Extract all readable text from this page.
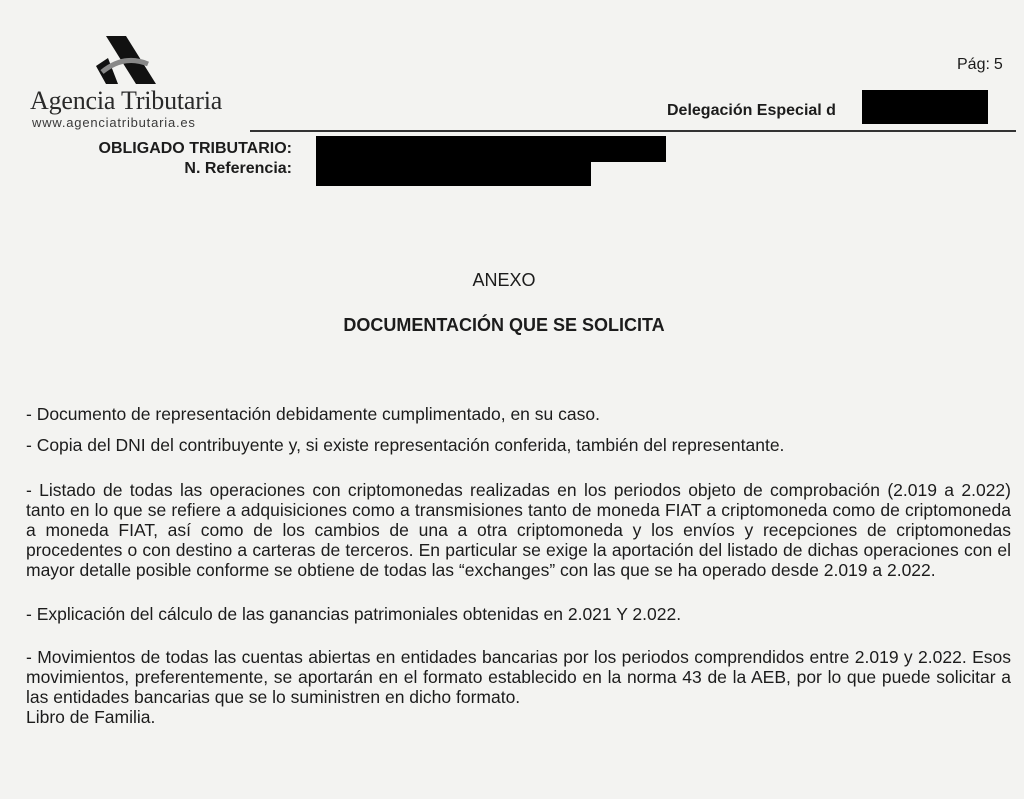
Agencia Tributaria
www.agenciatributaria.es
Pág: 5
Delegación Especial d
OBLIGADO TRIBUTARIO:
N. Referencia:
ANEXO
DOCUMENTACIÓN QUE SE SOLICITA

- Documento de representación debidamente cumplimentado, en su caso.

- Copia del DNI del contribuyente y, si existe representación conferida, también del representante.

- Listado de todas las operaciones con criptomonedas realizadas en los periodos objeto de comprobación (2.019 a 2.022) tanto en lo que se refiere a adquisiciones como a transmisiones tanto de moneda FIAT a criptomoneda como de criptomoneda a moneda FIAT, así como de los cambios de una a otra criptomoneda y los envíos y recepciones de criptomonedas procedentes o con destino a carteras de terceros. En particular se exige la aportación del listado de dichas operaciones con el mayor detalle posible conforme se obtiene de todas las “exchanges” con las que se ha operado desde 2.019 a 2.022.

- Explicación del cálculo de las ganancias patrimoniales obtenidas en 2.021 Y 2.022.

- Movimientos de todas las cuentas abiertas en entidades bancarias por los periodos comprendidos entre 2.019 y 2.022. Esos movimientos, preferentemente, se aportarán en el formato establecido en la norma 43 de la AEB, por lo que puede solicitar a las entidades bancarias que se lo suministren en dicho formato.

Libro de Familia.
